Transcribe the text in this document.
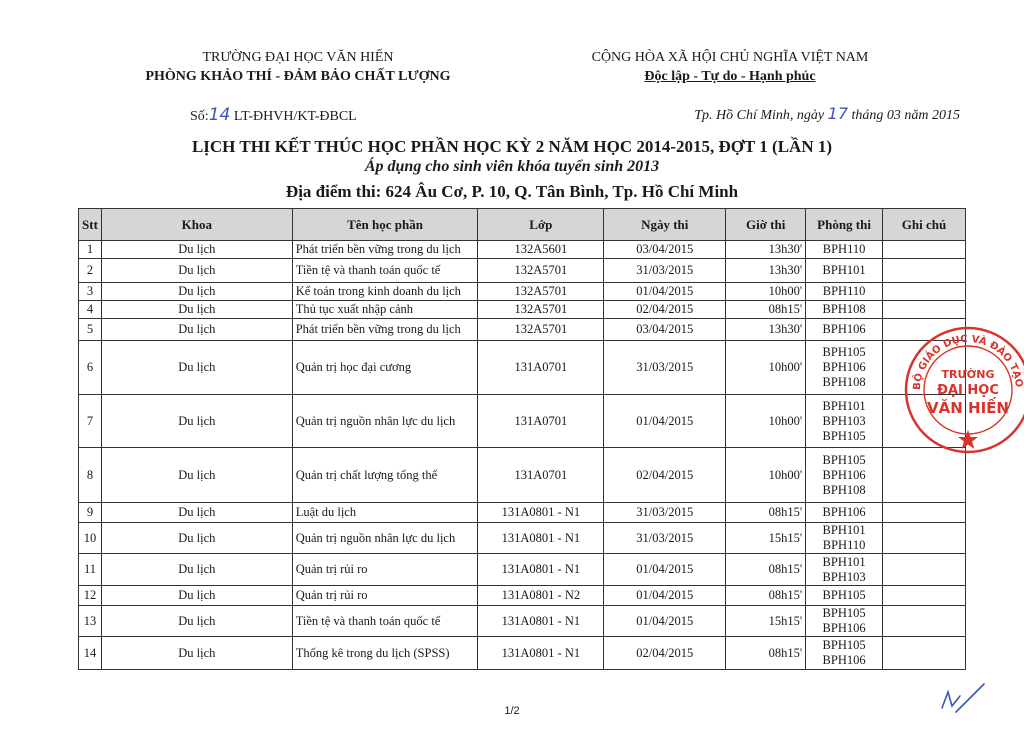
TRƯỜNG ĐẠI HỌC VĂN HIẾN
PHÒNG KHẢO THÍ - ĐẢM BẢO CHẤT LƯỢNG
CỘNG HÒA XÃ HỘI CHỦ NGHĨA VIỆT NAM
Độc lập - Tự do - Hạnh phúc
Số:14 LT-ĐHVH/KT-ĐBCL	Tp. Hồ Chí Minh, ngày 17 tháng 03 năm 2015
LỊCH THI KẾT THÚC HỌC PHẦN HỌC KỲ 2 NĂM HỌC 2014-2015, ĐỢT 1 (LẦN 1)
Áp dụng cho sinh viên khóa tuyển sinh 2013
Địa điểm thi: 624 Âu Cơ, P. 10, Q. Tân Bình, Tp. Hồ Chí Minh
Stt	Khoa	Tên học phần	Lớp	Ngày thi	Giờ thi	Phòng thi	Ghi chú
1	Du lịch	Phát triển bền vững trong du lịch	132A5601	03/04/2015	13h30'	BPH110	

2	Du lịch	Tiền tệ và thanh toán quốc tế	132A5701	31/03/2015	13h30'	BPH101	

3	Du lịch	Kế toán trong kinh doanh du lịch	132A5701	01/04/2015	10h00'	BPH110	

4	Du lịch	Thủ tục xuất nhập cảnh	132A5701	02/04/2015	08h15'	BPH108	

5	Du lịch	Phát triển bền vững trong du lịch	132A5701	03/04/2015	13h30'	BPH106	

6	Du lịch	Quản trị học đại cương	131A0701	31/03/2015	10h00'	BPH105
BPH106
BPH108	

7	Du lịch	Quản trị nguồn nhân lực du lịch	131A0701	01/04/2015	10h00'	BPH101
BPH103
BPH105	

8	Du lịch	Quản trị chất lượng tổng thể	131A0701	02/04/2015	10h00'	BPH105
BPH106
BPH108	

9	Du lịch	Luật du lịch	131A0801 - N1	31/03/2015	08h15'	BPH106	

10	Du lịch	Quản trị nguồn nhân lực du lịch	131A0801 - N1	31/03/2015	15h15'	BPH101
BPH110	

11	Du lịch	Quản trị rủi ro	131A0801 - N1	01/04/2015	08h15'	BPH101
BPH103	

12	Du lịch	Quản trị rủi ro	131A0801 - N2	01/04/2015	08h15'	BPH105	

13	Du lịch	Tiền tệ và thanh toán quốc tế	131A0801 - N1	01/04/2015	15h15'	BPH105
BPH106	

14	Du lịch	Thống kê trong du lịch (SPSS)	131A0801 - N1	02/04/2015	08h15'	BPH105
BPH106	

BỘ GIÁO DỤC VÀ ĐÀO TẠO
TRƯỜNG
ĐẠI HỌC
VĂN HIẾN
1/2
